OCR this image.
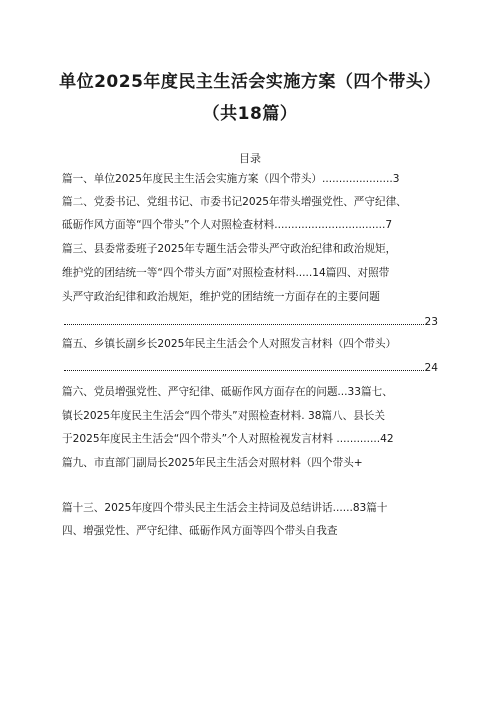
单位2025年度民主生活会实施方案（四个带头）
（共18篇）
目录
篇一、单位2025年度民主生活会实施方案（四个带头）.....................3
篇二、党委书记、党组书记、市委书记2025年带头增强党性、严守纪律、
砥砺作风方面等“四个带头”个人对照检查材料.................................7
篇三、县委常委班子2025年专题生活会带头严守政治纪律和政治规矩，
维护党的团结统一等“四个带头方面”对照检查材料.....14篇四、对照带
头严守政治纪律和政治规矩，维护党的团结统一方面存在的主要问题
23
篇五、乡镇长副乡长2025年民主生活会个人对照发言材料（四个带头）
24
篇六、党员增强党性、严守纪律、砥砺作风方面存在的问题...33篇七、
镇长2025年度民主生活会“四个带头”对照检查材料. 38篇八、县长关
于2025年度民主生活会“四个带头”个人对照检视发言材料 .............42
篇九、市直部门副局长2025年民主生活会对照材料（四个带头+
篇十三、2025年度四个带头民主生活会主持词及总结讲话......83篇十
四、增强党性、严守纪律、砥砺作风方面等四个带头自我查
